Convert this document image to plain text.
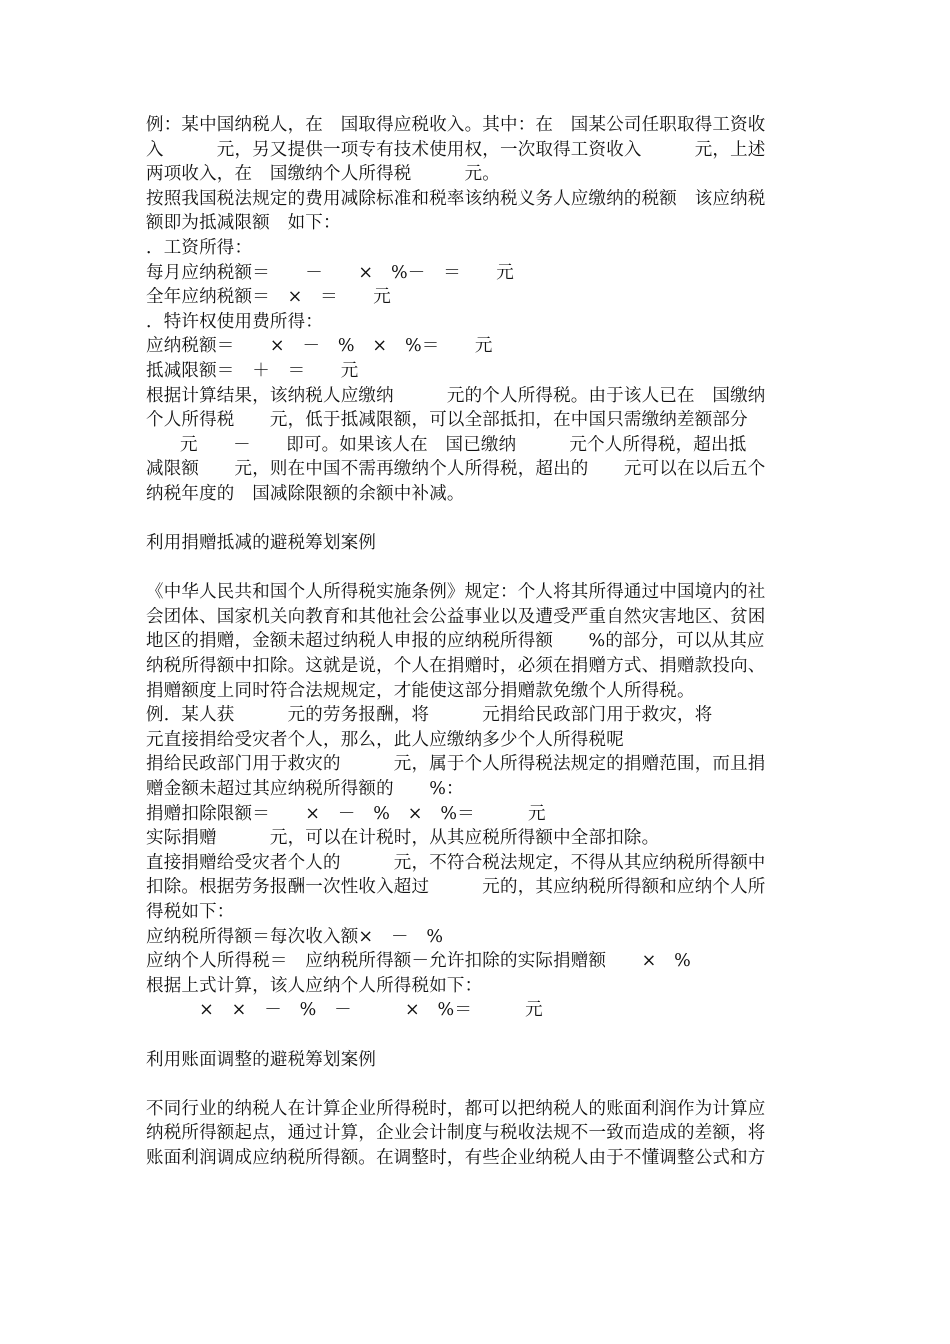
例：某中国纳税人，在　国取得应税收入。其中：在　国某公司任职取得工资收
入　　　元，另又提供一项专有技术使用权，一次取得工资收入　　　元，上述
两项收入，在　国缴纳个人所得税　　　元。
按照我国税法规定的费用减除标准和税率该纳税义务人应缴纳的税额　该应纳税
额即为抵减限额　如下：
．工资所得：
每月应纳税额＝　　－　　×　%－　＝　　元
全年应纳税额＝　×　＝　　元
．特许权使用费所得：
应纳税额＝　　×　－　%　×　%＝　　元
抵减限额＝　＋　＝　　元
根据计算结果，该纳税人应缴纳　　　元的个人所得税。由于该人已在　国缴纳
个人所得税　　元，低于抵减限额，可以全部抵扣，在中国只需缴纳差额部分
元　　－　　即可。如果该人在　国已缴纳　　　元个人所得税，超出抵
减限额　　元，则在中国不需再缴纳个人所得税，超出的　　元可以在以后五个
纳税年度的　国减除限额的余额中补减。
利用捐赠抵减的避税筹划案例
《中华人民共和国个人所得税实施条例》规定：个人将其所得通过中国境内的社
会团体、国家机关向教育和其他社会公益事业以及遭受严重自然灾害地区、贫困
地区的捐赠，金额未超过纳税人申报的应纳税所得额　　%的部分，可以从其应
纳税所得额中扣除。这就是说，个人在捐赠时，必须在捐赠方式、捐赠款投向、
捐赠额度上同时符合法规规定，才能使这部分捐赠款免缴个人所得税。
例．某人获　　　元的劳务报酬，将　　　元捐给民政部门用于救灾，将
元直接捐给受灾者个人，那么，此人应缴纳多少个人所得税呢
捐给民政部门用于救灾的　　　元，属于个人所得税法规定的捐赠范围，而且捐
赠金额未超过其应纳税所得额的　　%：
捐赠扣除限额＝　　×　－　%　×　%＝　　　元
实际捐赠　　　元，可以在计税时，从其应税所得额中全部扣除。
直接捐赠给受灾者个人的　　　元，不符合税法规定，不得从其应纳税所得额中
扣除。根据劳务报酬一次性收入超过　　　元的，其应纳税所得额和应纳个人所
得税如下：
应纳税所得额＝每次收入额×　－　%
应纳个人所得税＝　应纳税所得额－允许扣除的实际捐赠额　　×　%
根据上式计算，该人应纳个人所得税如下：
　　　×　×　－　%　－　　　×　%＝　　　元
利用账面调整的避税筹划案例
不同行业的纳税人在计算企业所得税时，都可以把纳税人的账面利润作为计算应
纳税所得额起点，通过计算，企业会计制度与税收法规不一致而造成的差额，将
账面利润调成应纳税所得额。在调整时，有些企业纳税人由于不懂调整公式和方
